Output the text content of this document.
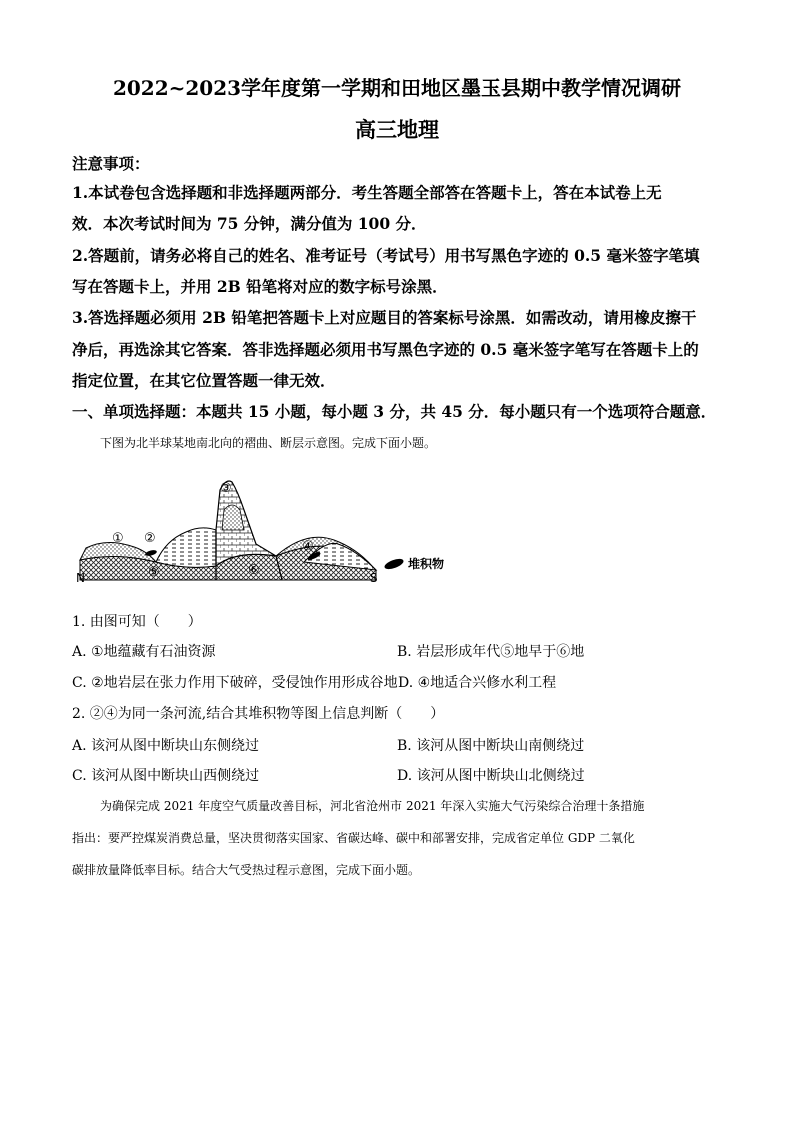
2022~2023学年度第一学期和田地区墨玉县期中教学情况调研
高三地理
注意事项：
1.本试卷包含选择题和非选择题两部分．考生答题全部答在答题卡上，答在本试卷上无
效．本次考试时间为 75 分钟，满分值为 100 分．
2.答题前，请务必将自己的姓名、准考证号（考试号）用书写黑色字迹的 0.5 毫米签字笔填
写在答题卡上，并用 2B 铅笔将对应的数字标号涂黑．
3.答选择题必须用 2B 铅笔把答题卡上对应题目的答案标号涂黑．如需改动，请用橡皮擦干
净后，再选涂其它答案．答非选择题必须用书写黑色字迹的 0.5 毫米签字笔写在答题卡上的
指定位置，在其它位置答题一律无效．
一、单项选择题：本题共 15 小题，每小题 3 分，共 45 分．每小题只有一个选项符合题意．
下图为北半球某地南北向的褶曲、断层示意图。完成下面小题。
① ②
③
④
⑤	⑥
N	S
堆积物
1. 由图可知（　　）
A. ①地蕴藏有石油资源	B. 岩层形成年代⑤地早于⑥地
C. ②地岩层在张力作用下破碎，受侵蚀作用形成谷地 D. ④地适合兴修水利工程
2. ②④为同一条河流,结合其堆积物等图上信息判断（　　）
A. 该河从图中断块山东侧绕过	B. 该河从图中断块山南侧绕过
C. 该河从图中断块山西侧绕过	D. 该河从图中断块山北侧绕过
为确保完成 2021 年度空气质量改善目标，河北省沧州市 2021 年深入实施大气污染综合治理十条措施
指出：要严控煤炭消费总量，坚决贯彻落实国家、省碳达峰、碳中和部署安排，完成省定单位 GDP 二氧化
碳排放量降低率目标。结合大气受热过程示意图，完成下面小题。
